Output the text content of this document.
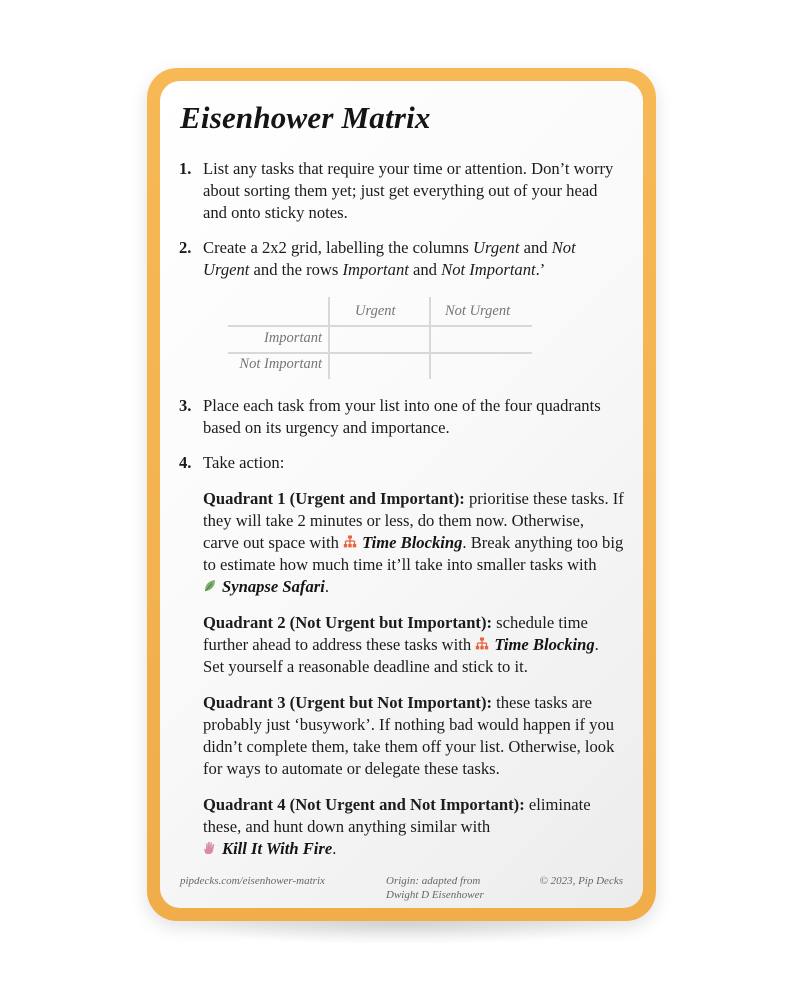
Eisenhower Matrix
1. List any tasks that require your time or attention. Don’t worry about sorting them yet; just get everything out of your head and onto sticky notes.
2. Create a 2x2 grid, labelling the columns Urgent and Not Urgent and the rows Important and Not Important.’
Urgent	Not Urgent
Important
Not Important
3. Place each task from your list into one of the four quadrants based on its urgency and importance.
4. Take action:
Quadrant 1 (Urgent and Important): prioritise these tasks. If they will take 2 minutes or less, do them now. Otherwise, carve out space with Time Blocking. Break anything too big to estimate how much time it’ll take into smaller tasks with Synapse Safari.
Quadrant 2 (Not Urgent but Important): schedule time further ahead to address these tasks with Time Blocking. Set yourself a reasonable deadline and stick to it.
Quadrant 3 (Urgent but Not Important): these tasks are probably just ‘busywork’. If nothing bad would happen if you didn’t complete them, take them off your list. Otherwise, look for ways to automate or delegate these tasks.
Quadrant 4 (Not Urgent and Not Important): eliminate these, and hunt down anything similar with Kill It With Fire.
pipdecks.com/eisenhower-matrix	Origin: adapted from
Dwight D Eisenhower
© 2023, Pip Decks
